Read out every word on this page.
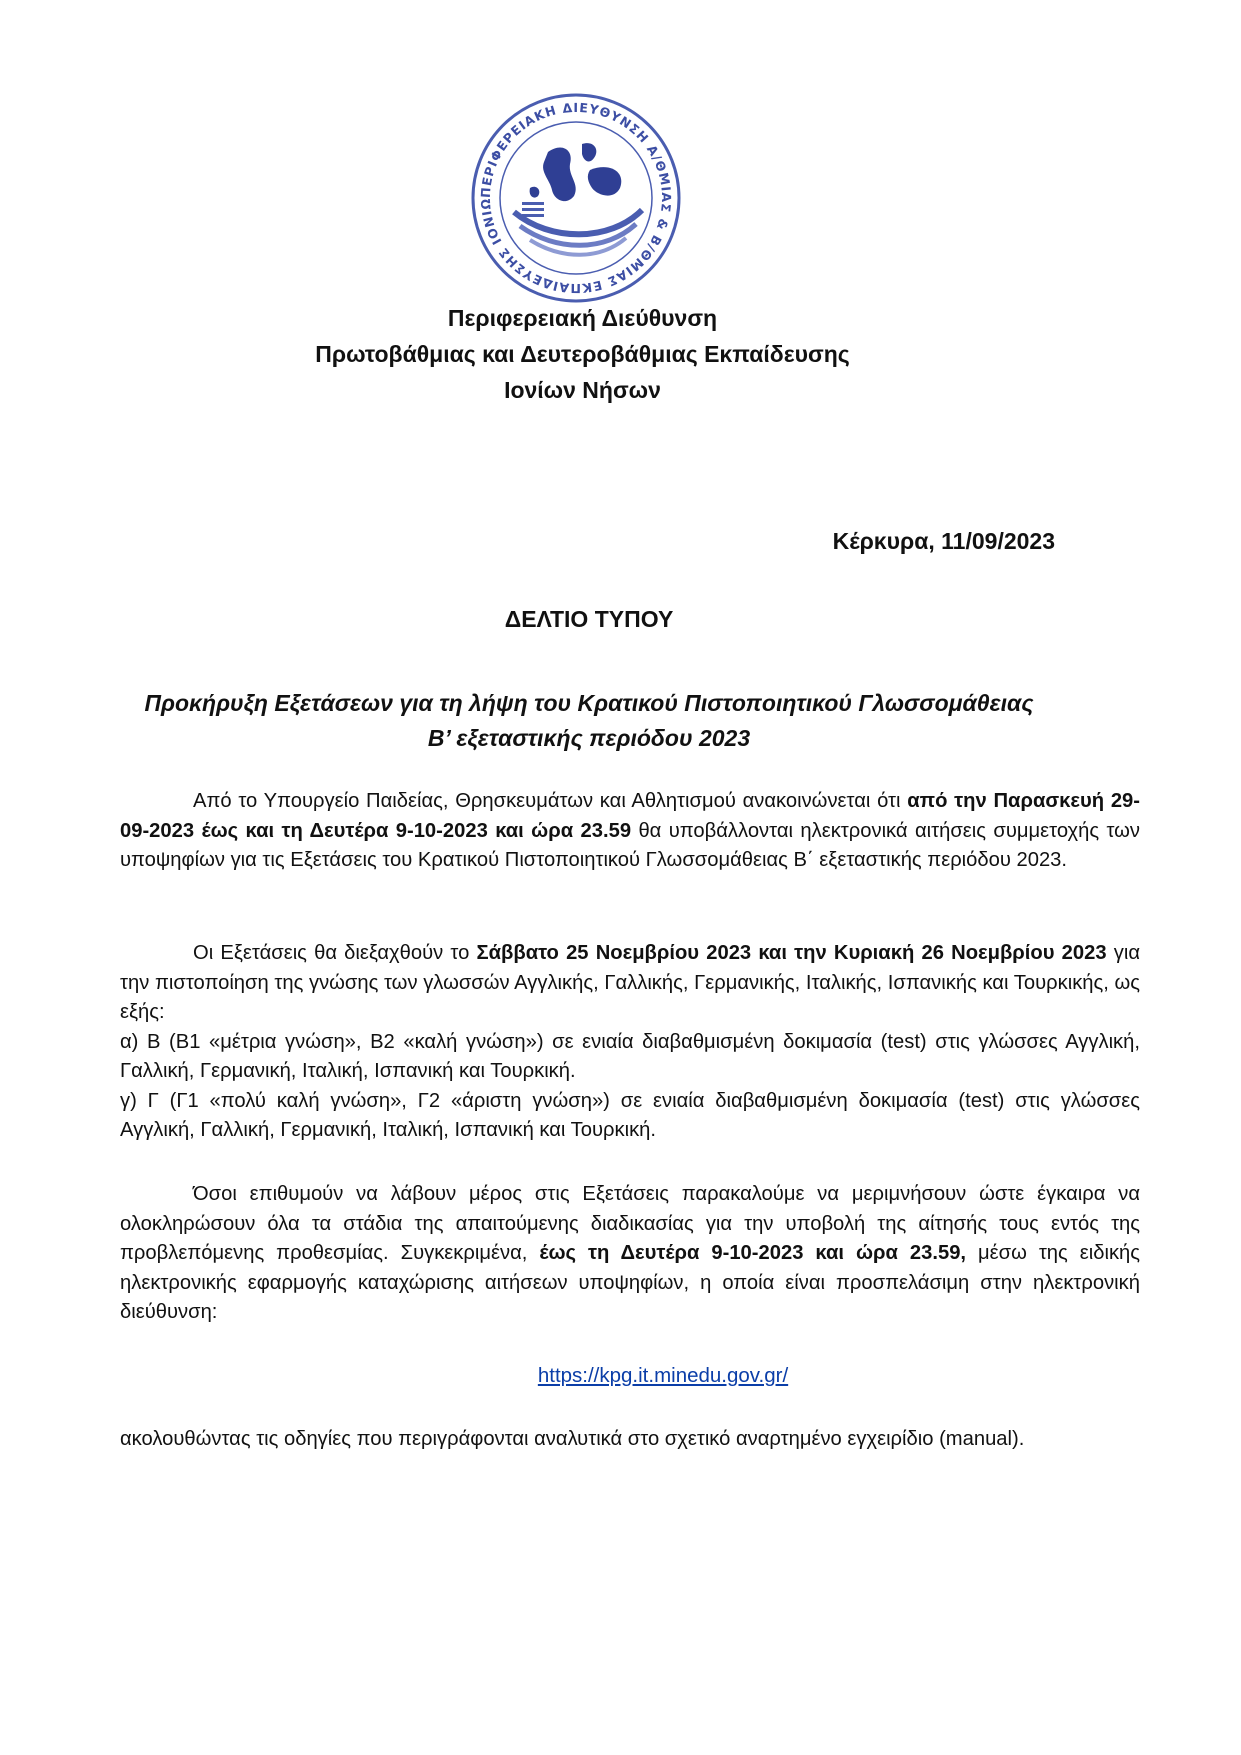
ΠΕΡΙΦΕΡΕΙΑΚΗ ΔΙΕΥΘΥΝΣΗ Α/ΘΜΙΑΣ & Β/ΘΜΙΑΣ ΕΚΠΑΙΔΕΥΣΗΣ ΙΟΝΙΩ
Περιφερειακή Διεύθυνση
Πρωτοβάθμιας και Δευτεροβάθμιας Εκπαίδευσης
Ιονίων Νήσων
Κέρκυρα, 11/09/2023
ΔΕΛΤΙΟ ΤΥΠΟΥ
Προκήρυξη Εξετάσεων για τη λήψη του Κρατικού Πιστοποιητικού Γλωσσομάθειας
Β’ εξεταστικής περιόδου 2023
Από το Υπουργείο Παιδείας, Θρησκευμάτων και Αθλητισμού ανακοινώνεται ότι από την Παρασκευή 29-09-2023 έως και τη Δευτέρα 9-10-2023 και ώρα 23.59 θα υποβάλλονται ηλεκτρονικά αιτήσεις συμμετοχής των υποψηφίων για τις Εξετάσεις του Κρατικού Πιστοποιητικού Γλωσσομάθειας Β΄ εξεταστικής περιόδου 2023.

Οι Εξετάσεις θα διεξαχθούν το Σάββατο 25 Νοεμβρίου 2023 και την Κυριακή 26 Νοεμβρίου 2023 για την πιστοποίηση της γνώσης των γλωσσών Αγγλικής, Γαλλικής, Γερμανικής, Ιταλικής, Ισπανικής και Τουρκικής, ως εξής:

α) Β (Β1 «μέτρια γνώση», Β2 «καλή γνώση») σε ενιαία διαβαθμισμένη δοκιμασία (test) στις γλώσσες Αγγλική, Γαλλική, Γερμανική, Ιταλική, Ισπανική και Τουρκική.

γ) Γ (Γ1 «πολύ καλή γνώση», Γ2 «άριστη γνώση») σε ενιαία διαβαθμισμένη δοκιμασία (test) στις γλώσσες Αγγλική, Γαλλική, Γερμανική, Ιταλική, Ισπανική και Τουρκική.

Όσοι επιθυμούν να λάβουν μέρος στις Εξετάσεις παρακαλούμε να μεριμνήσουν ώστε έγκαιρα να ολοκληρώσουν όλα τα στάδια της απαιτούμενης διαδικασίας για την υποβολή της αίτησής τους εντός της προβλεπόμενης προθεσμίας. Συγκεκριμένα, έως τη Δευτέρα 9-10-2023 και ώρα 23.59, μέσω της ειδικής ηλεκτρονικής εφαρμογής καταχώρισης αιτήσεων υποψηφίων, η οποία είναι προσπελάσιμη στην ηλεκτρονική διεύθυνση:
https://kpg.it.minedu.gov.gr/
ακολουθώντας τις οδηγίες που περιγράφονται αναλυτικά στο σχετικό αναρτημένο εγχειρίδιο (manual).
